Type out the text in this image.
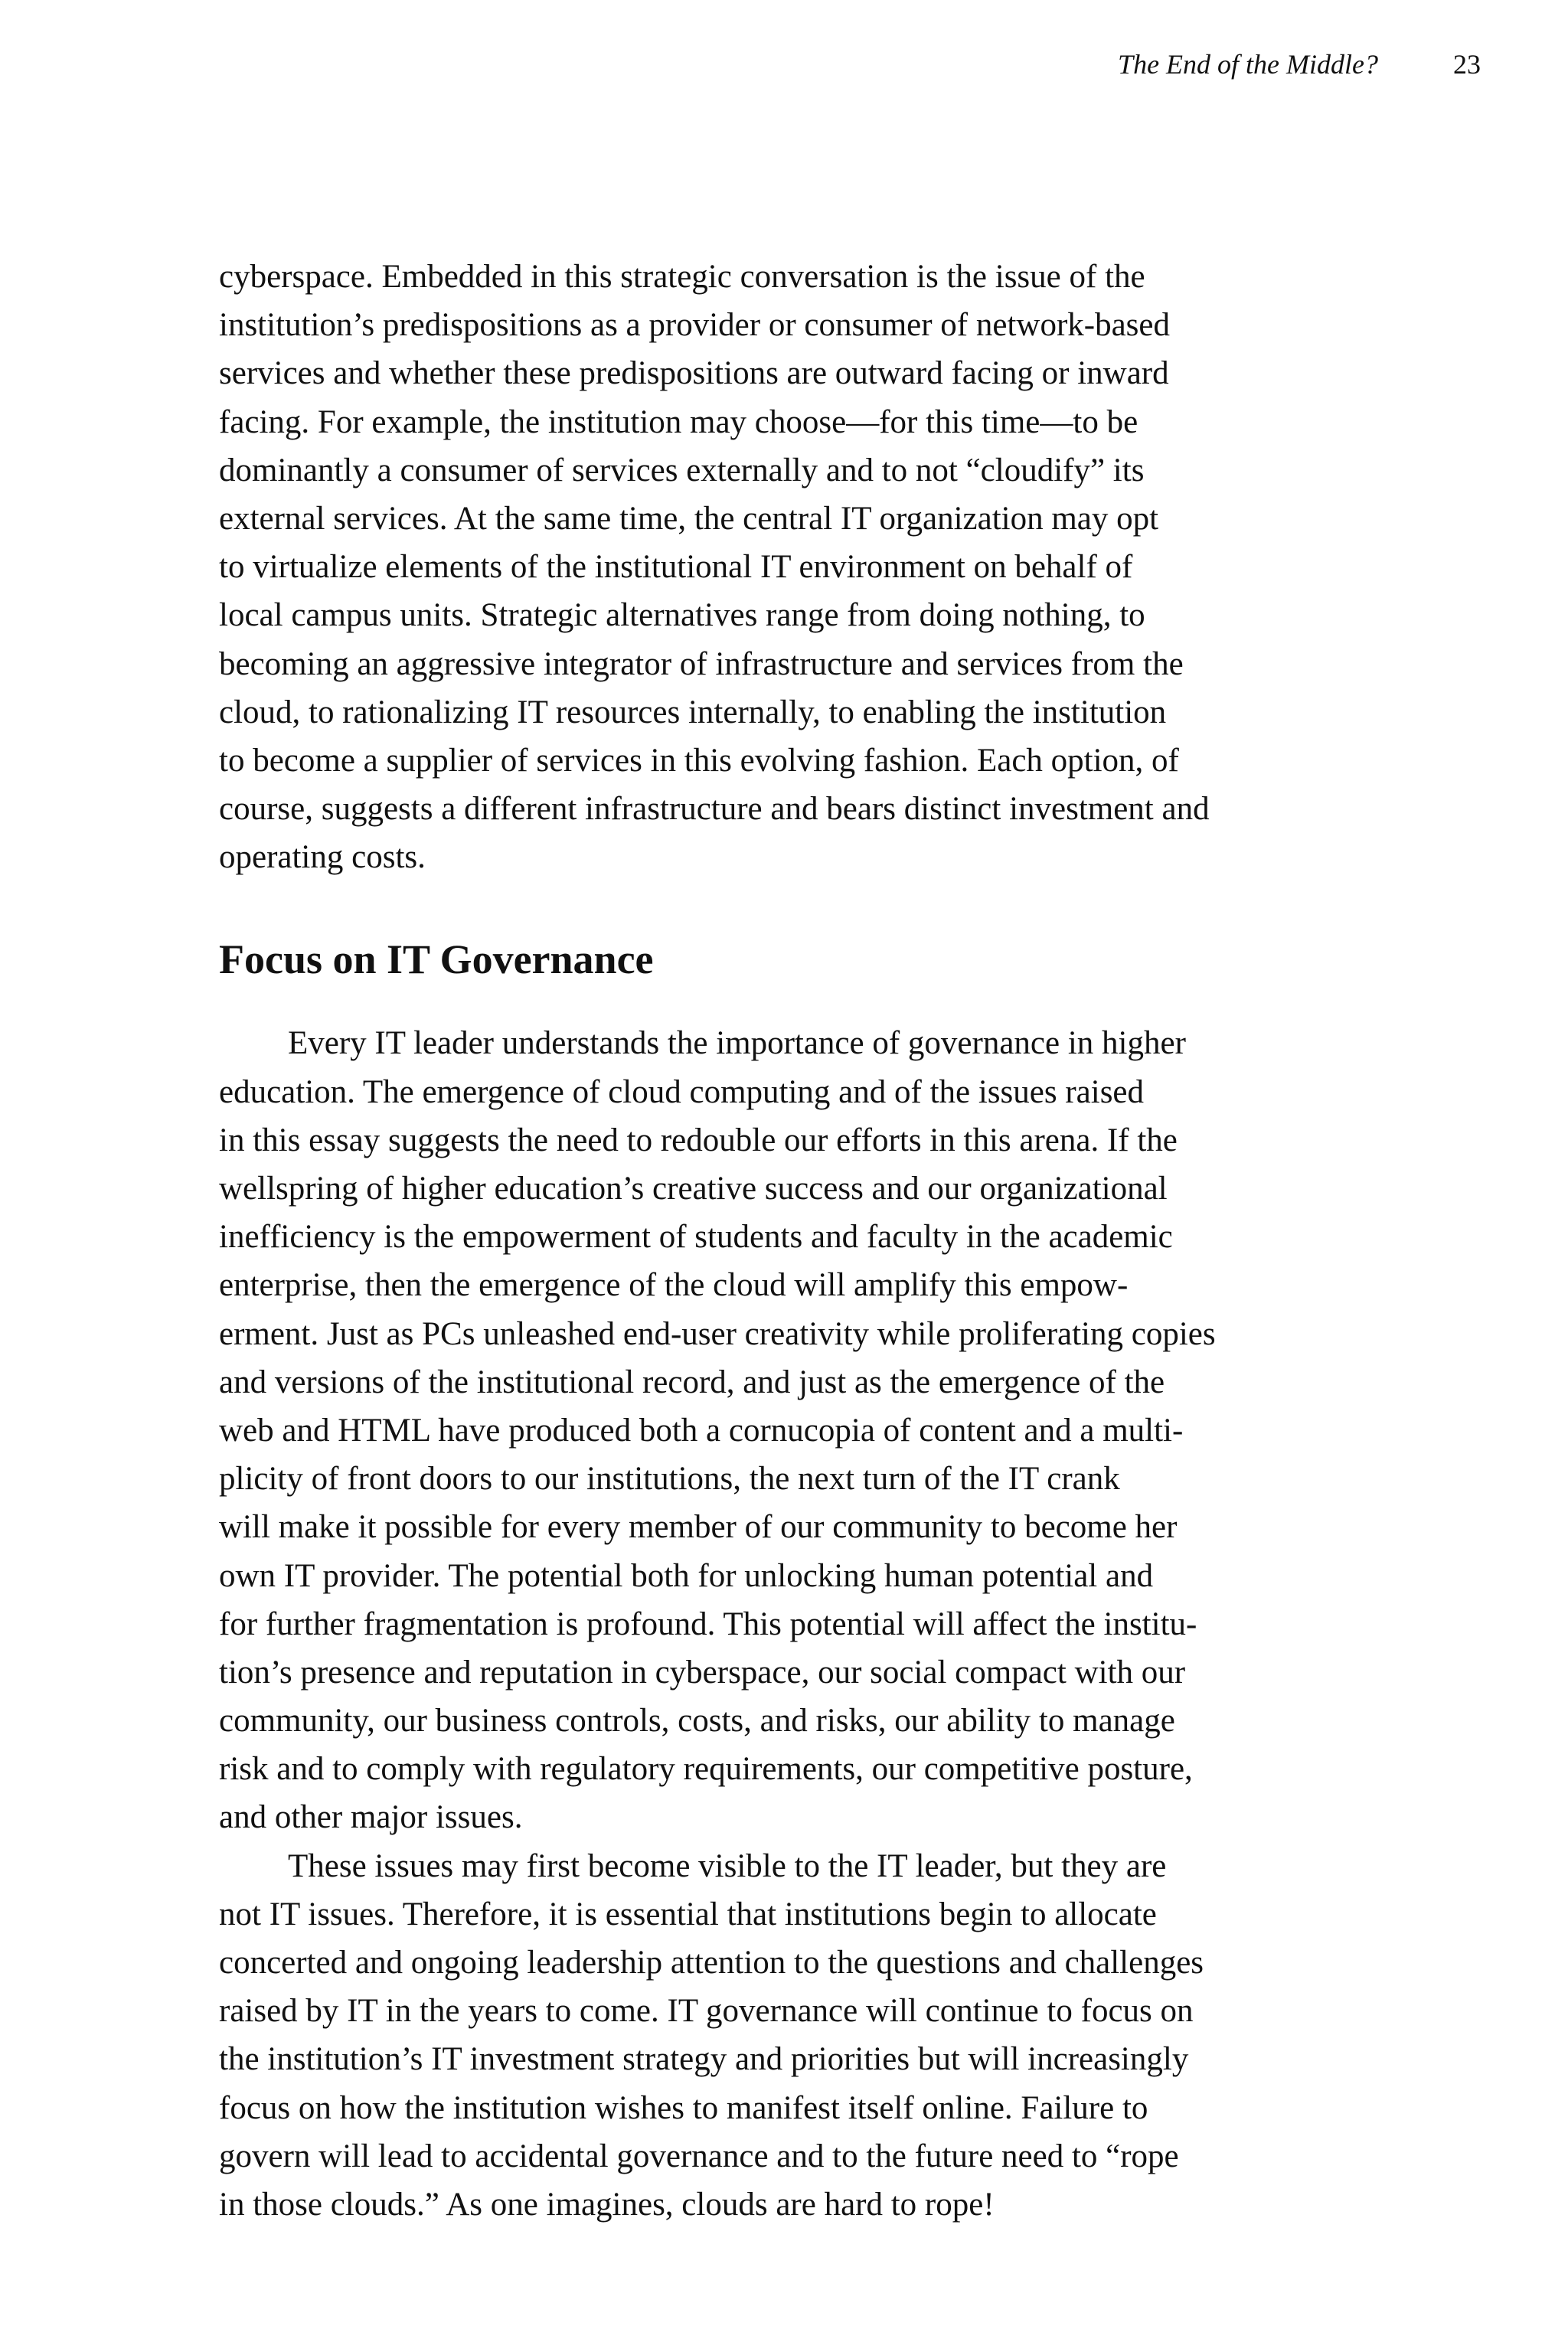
The End of the Middle?	23
cyberspace. Embedded in this strategic conversation is the issue of the
institution’s predispositions as a provider or consumer of network-based
services and whether these predispositions are outward facing or inward
facing. For example, the institution may choose—for this time—to be
dominantly a consumer of services externally and to not “cloudify” its
external services. At the same time, the central IT organization may opt
to virtualize elements of the institutional IT environment on behalf of
local campus units. Strategic alternatives range from doing nothing, to
becoming an aggressive integrator of infrastructure and services from the
cloud, to rationalizing IT resources internally, to enabling the institution
to become a supplier of services in this evolving fashion. Each option, of
course, suggests a different infrastructure and bears distinct investment and
operating costs.
Focus on IT Governance
Every IT leader understands the importance of governance in higher
education. The emergence of cloud computing and of the issues raised
in this essay suggests the need to redouble our efforts in this arena. If the
wellspring of higher education’s creative success and our organizational
inefficiency is the empowerment of students and faculty in the academic
enterprise, then the emergence of the cloud will amplify this empow-
erment. Just as PCs unleashed end-user creativity while proliferating copies
and versions of the institutional record, and just as the emergence of the
web and HTML have produced both a cornucopia of content and a multi-
plicity of front doors to our institutions, the next turn of the IT crank
will make it possible for every member of our community to become her
own IT provider. The potential both for unlocking human potential and
for further fragmentation is profound. This potential will affect the institu-
tion’s presence and reputation in cyberspace, our social compact with our
community, our business controls, costs, and risks, our ability to manage
risk and to comply with regulatory requirements, our competitive posture,
and other major issues.
These issues may first become visible to the IT leader, but they are
not IT issues. Therefore, it is essential that institutions begin to allocate
concerted and ongoing leadership attention to the questions and challenges
raised by IT in the years to come. IT governance will continue to focus on
the institution’s IT investment strategy and priorities but will increasingly
focus on how the institution wishes to manifest itself online. Failure to
govern will lead to accidental governance and to the future need to “rope
in those clouds.” As one imagines, clouds are hard to rope!
